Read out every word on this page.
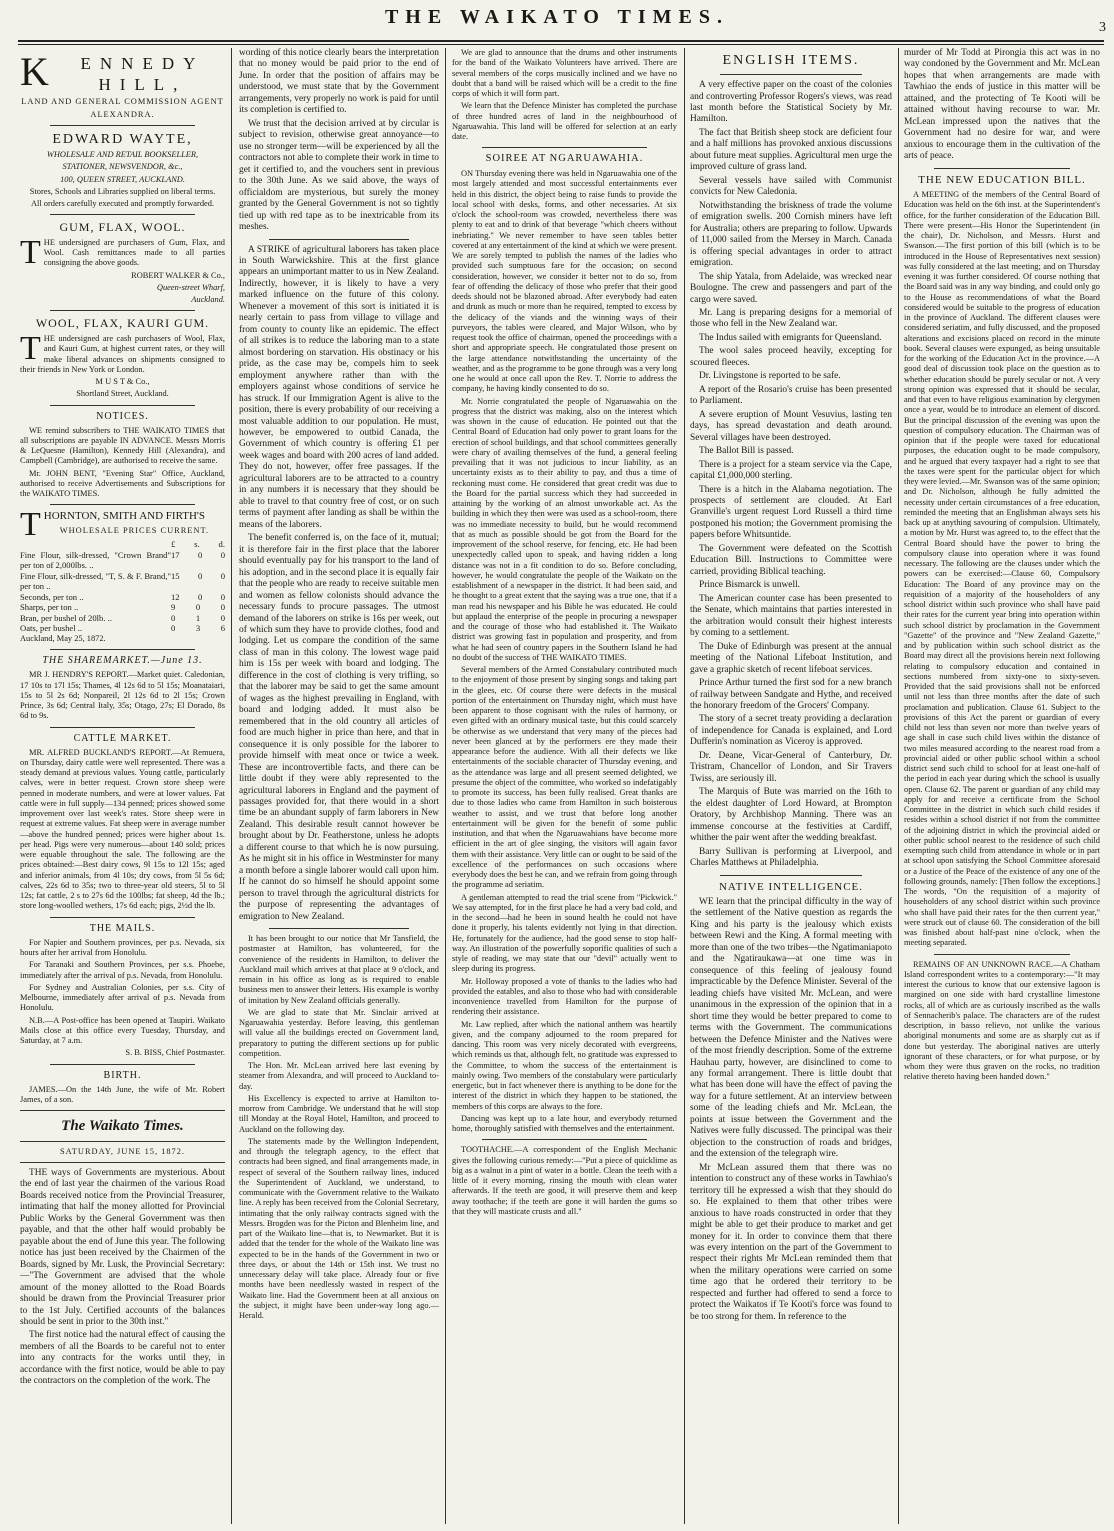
THE WAIKATO TIMES.	3
K ENNEDY HILL,

LAND AND GENERAL COMMISSION AGENT

ALEXANDRA.

EDWARD WAYTE,

WHOLESALE AND RETAIL BOOKSELLER,

STATIONER, NEWSVENDOR, &c.,

100, QUEEN STREET, AUCKLAND.

Stores, Schools and Libraries supplied on liberal terms.

All orders carefully executed and promptly forwarded.

GUM, FLAX, WOOL.

THE undersigned are purchasers of Gum, Flax, and Wool. Cash remittances made to all parties consigning the above goods.

ROBERT WALKER & Co.,

Queen-street Wharf,

Auckland.

WOOL, FLAX, KAURI GUM.

THE undersigned are cash purchasers of Wool, Flax, and Kauri Gum, at highest current rates, or they will make liberal advances on shipments consigned to their friends in New York or London.

M U S T & Co.,

Shortland Street, Auckland.

NOTICES.

WE remind subscribers to THE WAIKATO TIMES that all subscriptions are payable IN ADVANCE. Messrs Morris & LeQuesne (Hamilton), Kennedy Hill (Alexandra), and Campbell (Cambridge), are authorised to receive the same.

Mr. JOHN BENT, "Evening Star" Office, Auckland, authorised to receive Advertisements and Subscriptions for the WAIKATO TIMES.

THORNTON, SMITH AND FIRTH'S

WHOLESALE PRICES CURRENT.

£ s. d.
Fine Flour, silk-dressed, "Crown Brand" per ton of 2,000lbs. ..
17 0 0
Fine Flour, silk-dressed, "T, S. & F. Brand," per ton ..
15 0 0
Seconds, per ton ..	12 0 0
Sharps, per ton ..	9 0 0
Bran, per bushel of 20lb. ..	0 1 0
Oats, per bushel ..	0 3 6

Auckland, May 25, 1872.

THE SHAREMARKET.—June 13.

MR J. HENDRY'S REPORT.—Market quiet. Caledonian, 17 10s to 17l 15s; Thames, 4l 12s 6d to 5l 15s; Moanataiari, 15s to 5l 2s 6d; Nonpareil, 2l 12s 6d to 2l 15s; Crown Prince, 3s 6d; Central Italy, 35s; Otago, 27s; El Dorado, 8s 6d to 9s.

CATTLE MARKET.

MR. ALFRED BUCKLAND'S REPORT.—At Remuera, on Thursday, dairy cattle were well represented. There was a steady demand at previous values. Young cattle, particularly calves, were in better request. Crown store sheep were penned in moderate numbers, and were at lower values. Fat cattle were in full supply—134 penned; prices showed some improvement over last week's rates. Store sheep were in request at extreme values. Fat sheep were in average number—above the hundred penned; prices were higher about 1s. per head. Pigs were very numerous—about 140 sold; prices were equable throughout the sale. The following are the prices obtained:—Best dairy cows, 9l 15s to 12l 15s; aged and inferior animals, from 4l 10s; dry cows, from 5l 5s 6d; calves, 22s 6d to 35s; two to three-year old steers, 5l to 5l 12s; fat cattle, 2 s to 27s 6d the 100lbs; fat sheep, 4d the lb.; store long-woolled wethers, 17s 6d each; pigs, 2½d the lb.

THE MAILS.

For Napier and Southern provinces, per p.s. Nevada, six hours after her arrival from Honolulu.

For Taranaki and Southern Provinces, per s.s. Phoebe, immediately after the arrival of p.s. Nevada, from Honolulu.

For Sydney and Australian Colonies, per s.s. City of Melbourne, immediately after arrival of p.s. Nevada from Honolulu.

N.B.—A Post-office has been opened at Taupiri. Waikato Mails close at this office every Tuesday, Thursday, and Saturday, at 7 a.m.

S. B. BISS, Chief Postmaster.

BIRTH.

JAMES.—On the 14th June, the wife of Mr. Robert James, of a son.

The Waikato Times.

SATURDAY, JUNE 15, 1872.

THE ways of Governments are mysterious. About the end of last year the chairmen of the various Road Boards received notice from the Provincial Treasurer, intimating that half the money allotted for Provincial Public Works by the General Government was then payable, and that the other half would probably be payable about the end of June this year. The following notice has just been received by the Chairmen of the Boards, signed by Mr. Lusk, the Provincial Secretary:—"The Government are advised that the whole amount of the money allotted to the Road Boards should be drawn from the Provincial Treasurer prior to the 1st July. Certified accounts of the balances should be sent in prior to the 30th inst."

The first notice had the natural effect of causing the members of all the Boards to be careful not to enter into any contracts for the works until they, in accordance with the first notice, would be able to pay the contractors on the completion of the work. The

wording of this notice clearly bears the interpretation that no money would be paid prior to the end of June. In order that the position of affairs may be understood, we must state that by the Government arrangements, very properly no work is paid for until its completion is certified to.

We trust that the decision arrived at by circular is subject to revision, otherwise great annoyance—to use no stronger term—will be experienced by all the contractors not able to complete their work in time to get it certified to, and the vouchers sent in previous to the 30th June. As we said above, the ways of officialdom are mysterious, but surely the money granted by the General Government is not so tightly tied up with red tape as to be inextricable from its meshes.

A STRIKE of agricultural laborers has taken place in South Warwickshire. This at the first glance appears an unimportant matter to us in New Zealand. Indirectly, however, it is likely to have a very marked influence on the future of this colony. Whenever a movement of this sort is initiated it is nearly certain to pass from village to village and from county to county like an epidemic. The effect of all strikes is to reduce the laboring man to a state almost bordering on starvation. His obstinacy or his pride, as the case may be, compels him to seek employment anywhere rather than with the employers against whose conditions of service he has struck. If our Immigration Agent is alive to the position, there is every probability of our receiving a most valuable addition to our population. He must, however, be empowered to outbid Canada, the Government of which country is offering £1 per week wages and board with 200 acres of land added. They do not, however, offer free passages. If the agricultural laborers are to be attracted to a country in any numbers it is necessary that they should be able to travel to that country free of cost, or on such terms of payment after landing as shall be within the means of the laborers.

The benefit conferred is, on the face of it, mutual; it is therefore fair in the first place that the laborer should eventually pay for his transport to the land of his adoption, and in the second place it is equally fair that the people who are ready to receive suitable men and women as fellow colonists should advance the necessary funds to procure passages. The utmost demand of the laborers on strike is 16s per week, out of which sum they have to provide clothes, food and lodging. Let us compare the condition of the same class of man in this colony. The lowest wage paid him is 15s per week with board and lodging. The difference in the cost of clothing is very trifling, so that the laborer may be said to get the same amount of wages as the highest prevailing in England, with board and lodging added. It must also be remembered that in the old country all articles of food are much higher in price than here, and that in consequence it is only possible for the laborer to provide himself with meat once or twice a week. These are incontrovertible facts, and there can be little doubt if they were ably represented to the agricultural laborers in England and the payment of passages provided for, that there would in a short time be an abundant supply of farm laborers in New Zealand. This desirable result cannot however be brought about by Dr. Featherstone, unless he adopts a different course to that which he is now pursuing. As he might sit in his office in Westminster for many a month before a single laborer would call upon him. If he cannot do so himself he should appoint some person to travel through the agricultural districts for the purpose of representing the advantages of emigration to New Zealand.

It has been brought to our notice that Mr Tansfield, the postmaster at Hamilton, has volunteered, for the convenience of the residents in Hamilton, to deliver the Auckland mail which arrives at that place at 9 o'clock, and remain in his office as long as is required to enable business men to answer their letters. His example is worthy of imitation by New Zealand officials generally.

We are glad to state that Mr. Sinclair arrived at Ngaruawahia yesterday. Before leaving, this gentleman will value all the buildings erected on Government land, preparatory to putting the different sections up for public competition.

The Hon. Mr. McLean arrived here last evening by steamer from Alexandra, and will proceed to Auckland to-day.

His Excellency is expected to arrive at Hamilton to-morrow from Cambridge. We understand that he will stop till Monday at the Royal Hotel, Hamilton, and proceed to Auckland on the following day.

The statements made by the Wellington Independent, and through the telegraph agency, to the effect that contracts had been signed, and final arrangements made, in respect of several of the Southern railway lines, induced the Superintendent of Auckland, we understand, to communicate with the Government relative to the Waikato line. A reply has been received from the Colonial Secretary, intimating that the only railway contracts signed with the Messrs. Brogden was for the Picton and Blenheim line, and part of the Waikato line—that is, to Newmarket. But it is added that the tender for the whole of the Waikato line was expected to be in the hands of the Government in two or three days, or about the 14th or 15th inst. We trust no unnecessary delay will take place. Already four or five months have been needlessly wasted in respect of the Waikato line. Had the Government been at all anxious on the subject, it might have been under-way long ago.—Herald.

We are glad to announce that the drums and other instruments for the band of the Waikato Volunteers have arrived. There are several members of the corps musically inclined and we have no doubt that a band will be raised which will be a credit to the fine corps of which it will form part.

We learn that the Defence Minister has completed the purchase of three hundred acres of land in the neighbourhood of Ngaruawahia. This land will be offered for selection at an early date.

SOIREE AT NGARUAWAHIA.

ON Thursday evening there was held in Ngaruawahia one of the most largely attended and most successful entertainments ever held in this district, the object being to raise funds to provide the local school with desks, forms, and other necessaries. At six o'clock the school-room was crowded, nevertheless there was plenty to eat and to drink of that beverage "which cheers without inebriating." We never remember to have seen tables better covered at any entertainment of the kind at which we were present. We are sorely tempted to publish the names of the ladies who provided such sumptuous fare for the occasion; on second consideration, however, we consider it better not to do so, from fear of offending the delicacy of those who prefer that their good deeds should not be blazoned abroad. After everybody had eaten and drunk as much or more than he required, tempted to excess by the delicacy of the viands and the winning ways of their purveyors, the tables were cleared, and Major Wilson, who by request took the office of chairman, opened the proceedings with a short and appropriate speech. He congratulated those present on the large attendance notwithstanding the uncertainty of the weather, and as the programme to be gone through was a very long one he would at once call upon the Rev. T. Norrie to address the company, he having kindly consented to do so.

Mr. Norrie congratulated the people of Ngaruawahia on the progress that the district was making, also on the interest which was shown in the cause of education. He pointed out that the Central Board of Education had only power to grant loans for the erection of school buildings, and that school committees generally were chary of availing themselves of the fund, a general feeling prevailing that it was not judicious to incur liability, as an uncertainty exists as to their ability to pay, and thus a time of reckoning must come. He considered that great credit was due to the Board for the partial success which they had succeeded in attaining by the working of an almost unworkable act. As the building in which they then were was used as a school-room, there was no immediate necessity to build, but he would recommend that as much as possible should be got from the Board for the improvement of the school reserve, for fencing, etc. He had been unexpectedly called upon to speak, and having ridden a long distance was not in a fit condition to do so. Before concluding, however, he would congratulate the people of the Waikato on the establishment of a newspaper in the district. It had been said, and he thought to a great extent that the saying was a true one, that if a man read his newspaper and his Bible he was educated. He could but applaud the enterprise of the people in procuring a newspaper and the courage of those who had established it. The Waikato district was growing fast in population and prosperity, and from what he had seen of country papers in the Southern Island he had no doubt of the success of THE WAIKATO TIMES.

Several members of the Armed Constabulary contributed much to the enjoyment of those present by singing songs and taking part in the glees, etc. Of course there were defects in the musical portion of the entertainment on Thursday night, which must have been apparent to those cognisant with the rules of harmony, or even gifted with an ordinary musical taste, but this could scarcely be otherwise as we understand that very many of the pieces had never been glanced at by the performers ere they made their appearance before the audience. With all their defects we like entertainments of the sociable character of Thursday evening, and as the attendance was large and all present seemed delighted, we presume the object of the committee, who worked so indefatigably to promote its success, has been fully realised. Great thanks are due to those ladies who came from Hamilton in such boisterous weather to assist, and we trust that before long another entertainment will be given for the benefit of some public institution, and that when the Ngaruawahians have become more efficient in the art of glee singing, the visitors will again favor them with their assistance. Very little can or ought to be said of the excellence of the performances on such occasions where everybody does the best he can, and we refrain from going through the programme ad seriatim.

A gentleman attempted to read the trial scene from "Pickwick." We say attempted, for in the first place he had a very bad cold, and in the second—had he been in sound health he could not have done it properly, his talents evidently not lying in that direction. He, fortunately for the audience, had the good sense to stop half-way. An illustration of the powerfully soporific qualities of such a style of reading, we may state that our "devil" actually went to sleep during its progress.

Mr. Holloway proposed a vote of thanks to the ladies who had provided the eatables, and also to those who had with considerable inconvenience travelled from Hamilton for the purpose of rendering their assistance.

Mr. Law replied, after which the national anthem was heartily given, and the company adjourned to the room prepared for dancing. This room was very nicely decorated with evergreens, which reminds us that, although felt, no gratitude was expressed to the Committee, to whom the success of the entertainment is mainly owing. Two members of the constabulary were particularly energetic, but in fact whenever there is anything to be done for the interest of the district in which they happen to be stationed, the members of this corps are always to the fore.

Dancing was kept up to a late hour, and everybody returned home, thoroughly satisfied with themselves and the entertainment.

TOOTHACHE.—A correspondent of the English Mechanic gives the following curious remedy:—"Put a piece of quicklime as big as a walnut in a pint of water in a bottle. Clean the teeth with a little of it every morning, rinsing the mouth with clean water afterwards. If the teeth are good, it will preserve them and keep away toothache; if the teeth are gone it will harden the gums so that they will masticate crusts and all."

ENGLISH ITEMS.

A very effective paper on the coast of the colonies and controverting Professor Rogers's views, was read last month before the Statistical Society by Mr. Hamilton.

The fact that British sheep stock are deficient four and a half millions has provoked anxious discussions about future meat supplies. Agricultural men urge the improved culture of grass land.

Several vessels have sailed with Communist convicts for New Caledonia.

Notwithstanding the briskness of trade the volume of emigration swells. 200 Cornish miners have left for Australia; others are preparing to follow. Upwards of 11,000 sailed from the Mersey in March. Canada is offering special advantages in order to attract emigration.

The ship Yatala, from Adelaide, was wrecked near Boulogne. The crew and passengers and part of the cargo were saved.

Mr. Lang is preparing designs for a memorial of those who fell in the New Zealand war.

The Indus sailed with emigrants for Queensland.

The wool sales proceed heavily, excepting for scoured fleeces.

Dr. Livingstone is reported to be safe.

A report of the Rosario's cruise has been presented to Parliament.

A severe eruption of Mount Vesuvius, lasting ten days, has spread devastation and death around. Several villages have been destroyed.

The Ballot Bill is passed.

There is a project for a steam service via the Cape, capital £1,000,000 sterling.

There is a hitch in the Alabama negotiation. The prospects of settlement are clouded. At Earl Granville's urgent request Lord Russell a third time postponed his motion; the Government promising the papers before Whitsuntide.

The Government were defeated on the Scottish Education Bill. Instructions to Committee were carried, providing Biblical teaching.

Prince Bismarck is unwell.

The American counter case has been presented to the Senate, which maintains that parties interested in the arbitration would consult their highest interests by coming to a settlement.

The Duke of Edinburgh was present at the annual meeting of the National Lifeboat Institution, and gave a graphic sketch of recent lifeboat services.

Prince Arthur turned the first sod for a new branch of railway between Sandgate and Hythe, and received the honorary freedom of the Grocers' Company.

The story of a secret treaty providing a declaration of independence for Canada is explained, and Lord Dufferin's nomination as Viceroy is approved.

Dr. Deane, Vicar-General of Canterbury, Dr. Tristram, Chancellor of London, and Sir Travers Twiss, are seriously ill.

The Marquis of Bute was married on the 16th to the eldest daughter of Lord Howard, at Brompton Oratory, by Archbishop Manning. There was an immense concourse at the festivities at Cardiff, whither the pair went after the wedding breakfast.

Barry Sullivan is performing at Liverpool, and Charles Matthews at Philadelphia.

NATIVE INTELLIGENCE.

WE learn that the principal difficulty in the way of the settlement of the Native question as regards the King and his party is the jealousy which exists between Rewi and the King. A formal meeting with more than one of the two tribes—the Ngatimaniapoto and the Ngatiraukawa—at one time was in consequence of this feeling of jealousy found impracticable by the Defence Minister. Several of the leading chiefs have visited Mr. McLean, and were unanimous in the expression of the opinion that in a short time they would be better prepared to come to terms with the Government. The communications between the Defence Minister and the Natives were of the most friendly description. Some of the extreme Hauhau party, however, are disinclined to come to any formal arrangement. There is little doubt that what has been done will have the effect of paving the way for a future settlement. At an interview between some of the leading chiefs and Mr. McLean, the points at issue between the Government and the Natives were fully discussed. The principal was their objection to the construction of roads and bridges, and the extension of the telegraph wire.

Mr McLean assured them that there was no intention to construct any of these works in Tawhiao's territory till he expressed a wish that they should do so. He explained to them that other tribes were anxious to have roads constructed in order that they might be able to get their produce to market and get money for it. In order to convince them that there was every intention on the part of the Government to respect their rights Mr McLean reminded them that when the military operations were carried on some time ago that he ordered their territory to be respected and further had offered to send a force to protect the Waikatos if Te Kooti's force was found to be too strong for them. In reference to the

murder of Mr Todd at Pirongia this act was in no way condoned by the Government and Mr. McLean hopes that when arrangements are made with Tawhiao the ends of justice in this matter will be attained, and the protecting of Te Kooti will be attained without having recourse to war. Mr. McLean impressed upon the natives that the Government had no desire for war, and were anxious to encourage them in the cultivation of the arts of peace.

THE NEW EDUCATION BILL.

A MEETING of the members of the Central Board of Education was held on the 6th inst. at the Superintendent's office, for the further consideration of the Education Bill. There were present—His Honor the Superintendent (in the chair), Dr. Nicholson, and Messrs. Hurst and Swanson.—The first portion of this bill (which is to be introduced in the House of Representatives next session) was fully considered at the last meeting; and on Thursday evening it was further considered. Of course nothing that the Board said was in any way binding, and could only go to the House as recommendations of what the Board considered would be suitable to the progress of education in the province of Auckland. The different clauses were considered seriatim, and fully discussed, and the proposed alterations and excisions placed on record in the minute book. Several clauses were expunged, as being unsuitable for the working of the Education Act in the province.—A good deal of discussion took place on the question as to whether education should be purely secular or not. A very strong opinion was expressed that it should be secular, and that even to have religious examination by clergymen once a year, would be to introduce an element of discord. But the principal discussion of the evening was upon the question of compulsory education. The Chairman was of opinion that if the people were taxed for educational purposes, the education ought to be made compulsory, and he argued that every taxpayer had a right to see that the taxes were spent for the particular object for which they were levied.—Mr. Swanson was of the same opinion; and Dr. Nicholson, although he fully admitted the necessity under certain circumstances of a free education, reminded the meeting that an Englishman always sets his back up at anything savouring of compulsion. Ultimately, a motion by Mr. Hurst was agreed to, to the effect that the Central Board should have the power to bring the compulsory clause into operation where it was found necessary. The following are the clauses under which the powers can be exercised:—Clause 60, Compulsory Education: The Board of any province may on the requisition of a majority of the householders of any school district within such province who shall have paid their rates for the current year bring into operation within such school district by proclamation in the Government "Gazette" of the province and "New Zealand Gazette," and by publication within such school district as the Board may direct all the provisions herein next following relating to compulsory education and contained in sections numbered from sixty-one to sixty-seven. Provided that the said provisions shall not be enforced until not less than three months after the date of such proclamation and publication. Clause 61. Subject to the provisions of this Act the parent or guardian of every child not less than seven nor more than twelve years of age shall in case such child lives within the distance of two miles measured according to the nearest road from a provincial aided or other public school within a school district send such child to school for at least one-half of the period in each year during which the school is usually open. Clause 62. The parent or guardian of any child may apply for and receive a certificate from the School Committee in the district in which such child resides if resides within a school district if not from the committee of the adjoining district in which the provincial aided or other public school nearest to the residence of such child exempting such child from attendance in whole or in part at school upon satisfying the School Committee aforesaid or a Justice of the Peace of the existence of any one of the following grounds, namely: [Then follow the exceptions.] The words, "On the requisition of a majority of householders of any school district within such province who shall have paid their rates for the then current year," were struck out of clause 60. The consideration of the bill was finished about half-past nine o'clock, when the meeting separated.

REMAINS OF AN UNKNOWN RACE.—A Chatham Island correspondent writes to a contemporary:—"It may interest the curious to know that our extensive lagoon is margined on one side with hard crystalline limestone rocks, all of which are as curiously inscribed as the walls of Sennacherib's palace. The characters are of the rudest description, in basso relievo, not unlike the various aboriginal monuments and some are as sharply cut as if done but yesterday. The aboriginal natives are utterly ignorant of these characters, or for what purpose, or by whom they were thus graven on the rocks, no tradition relative thereto having been handed down."
